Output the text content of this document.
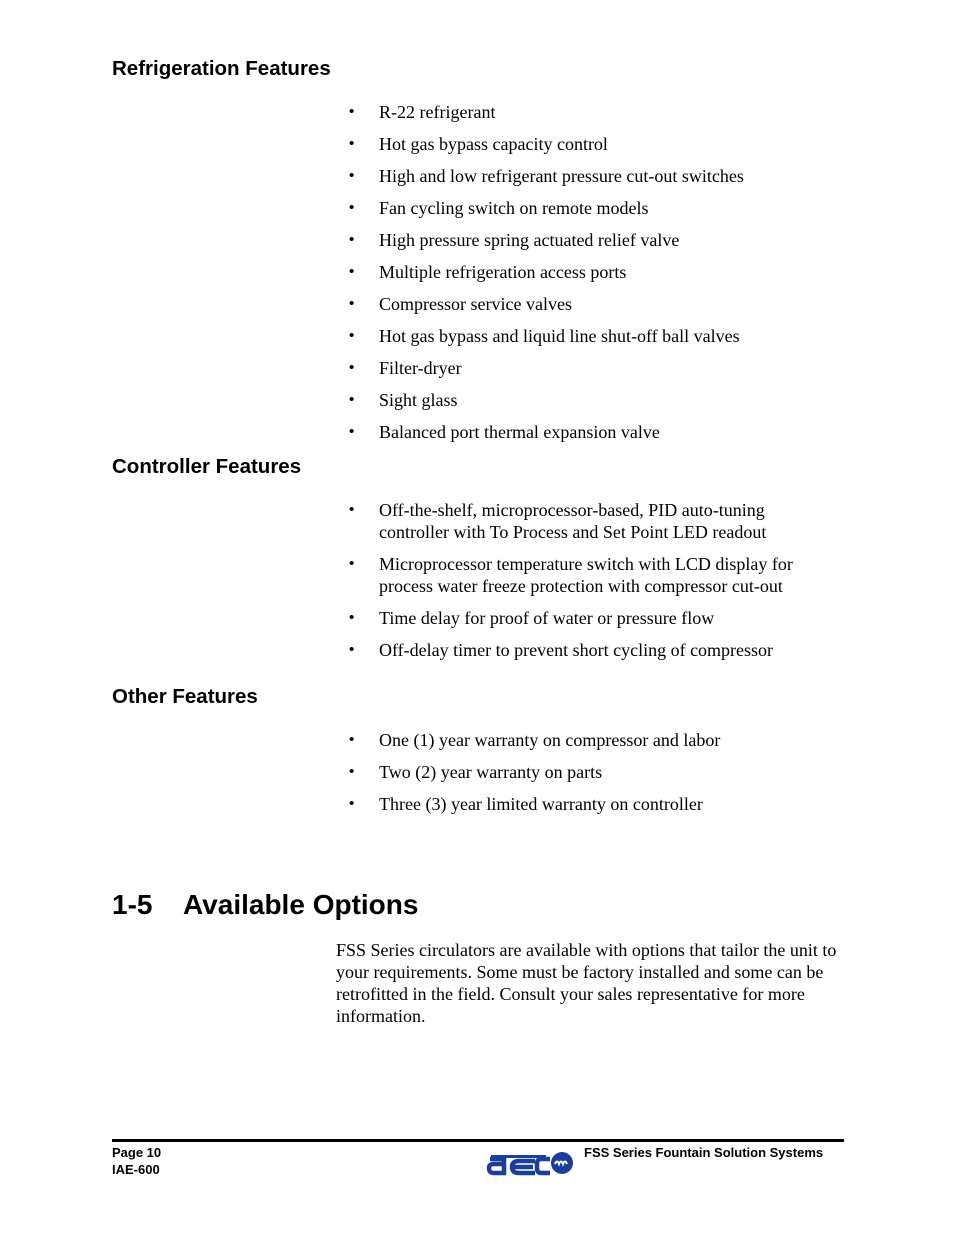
Refrigeration Features
• R-22 refrigerant
• Hot gas bypass capacity control
• High and low refrigerant pressure cut-out switches
• Fan cycling switch on remote models
• High pressure spring actuated relief valve
• Multiple refrigeration access ports
• Compressor service valves
• Hot gas bypass and liquid line shut-off ball valves
• Filter-dryer
• Sight glass
• Balanced port thermal expansion valve
Controller Features
• Off-the-shelf, microprocessor-based, PID auto-tuning controller with To Process and Set Point LED readout
• Microprocessor temperature switch with LCD display for process water freeze protection with compressor cut-out
• Time delay for proof of water or pressure flow
• Off-delay timer to prevent short cycling of compressor
Other Features
• One (1) year warranty on compressor and labor
• Two (2) year warranty on parts
• Three (3) year limited warranty on controller
1-5 Available Options

FSS Series circulators are available with options that tailor the unit to your requirements. Some must be factory installed and some can be retrofitted in the field. Consult your sales representative for more information.

Page 10
IAE-600
FSS Series Fountain Solution Systems
